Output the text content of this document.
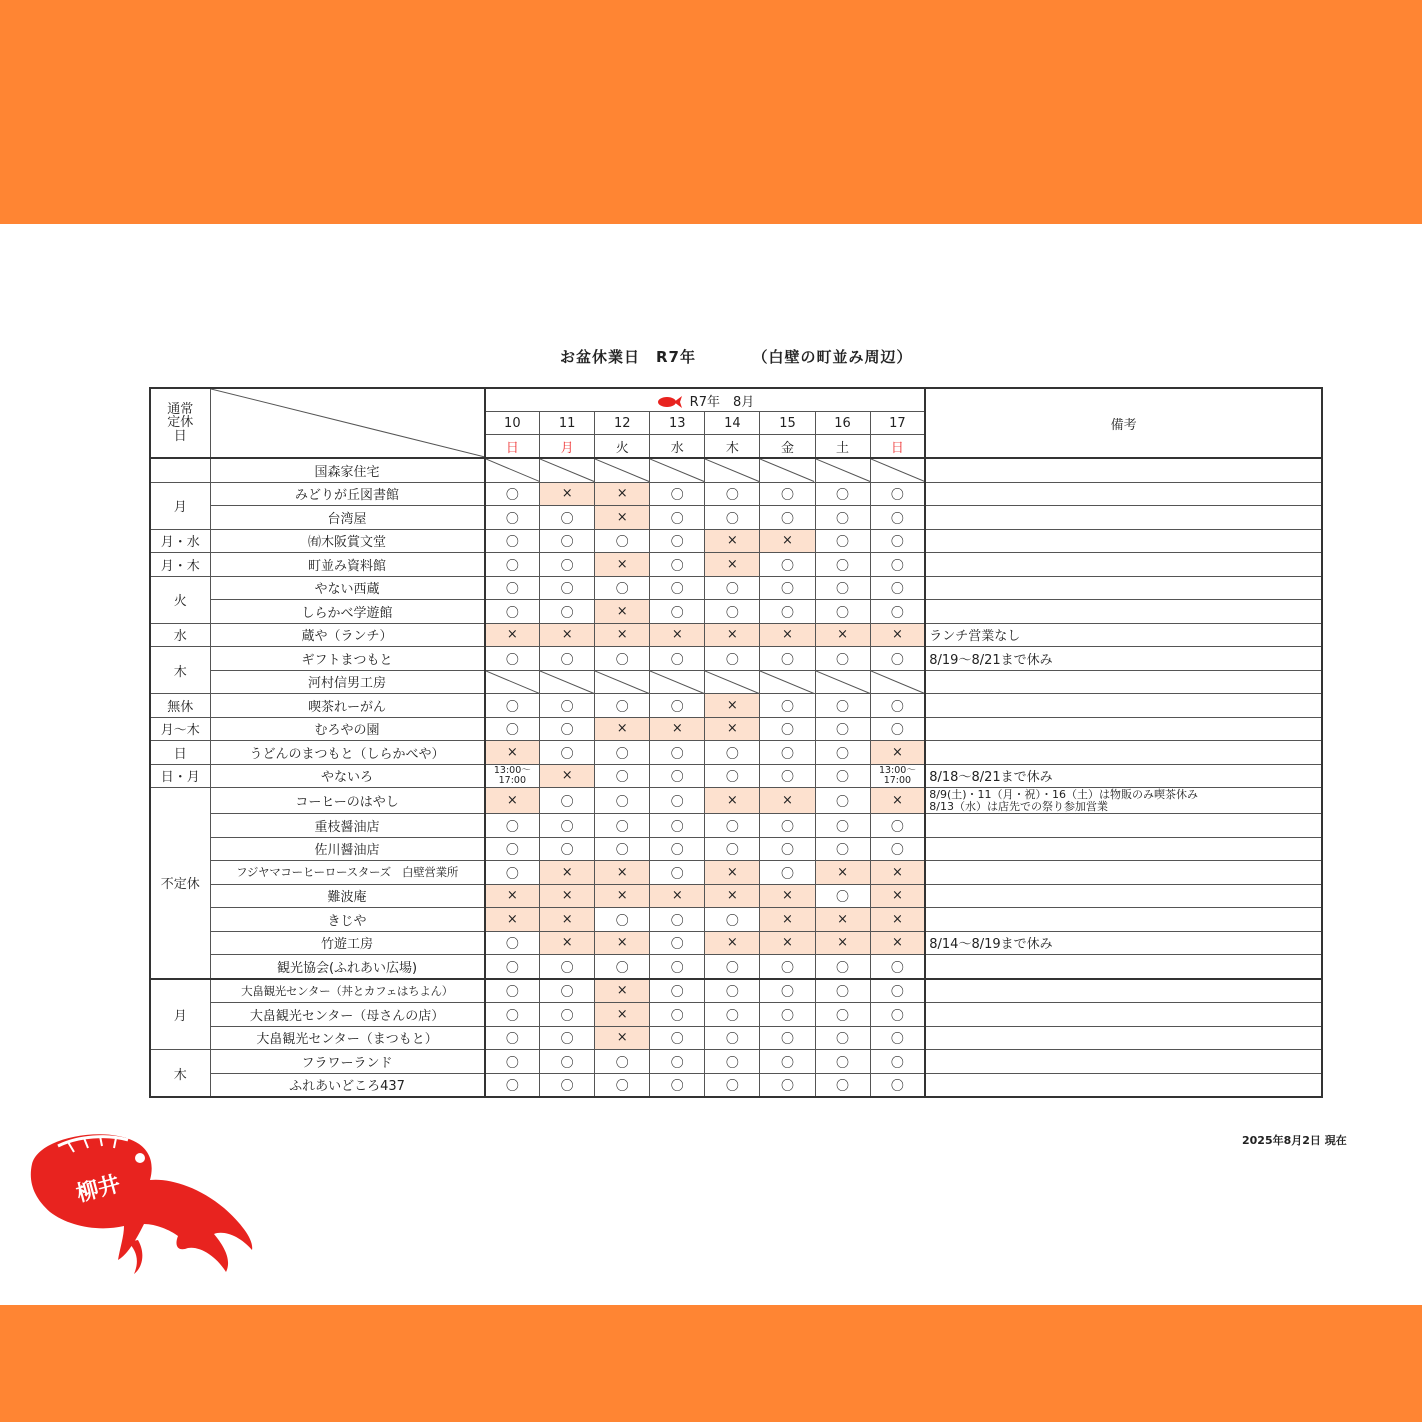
お盆休業日　R7年　　　　（白壁の町並み周辺）
通常定休日		R7年　8月								備考
		10	11	12	13	14	15	16	17	
		日	月	火	水	木	金	土	日	
	国森家住宅	

月	みどりが丘図書館	〇	×	×	〇	〇	〇	〇	〇	
	台湾屋	〇	〇	×	〇	〇	〇	〇	〇	
月・水	㈲木阪賞文堂	〇	〇	〇	〇	×	×	〇	〇	
月・木	町並み資料館	〇	〇	×	〇	×	〇	〇	〇	
火	やない西蔵	〇	〇	〇	〇	〇	〇	〇	〇	
	しらかべ学遊館	〇	〇	×	〇	〇	〇	〇	〇	
水	蔵や（ランチ）	×	×	×	×	×	×	×	×	ランチ営業なし
木	ギフトまつもと	〇	〇	〇	〇	〇	〇	〇	〇	8/19～8/21まで休み
	河村信男工房	

無休	喫茶れーがん	〇	〇	〇	〇	×	〇	〇	〇	
月～木	むろやの園	〇	〇	×	×	×	〇	〇	〇	
日	うどんのまつもと（しらかべや）	×	〇	〇	〇	〇	〇	〇	×	
日・月	やないろ	13:00～
17:00	×	〇	〇	〇	〇	〇	13:00～
17:00	8/18～8/21まで休み
不定休	コーヒーのはやし	×	〇	〇	〇	×	×	〇	×	8/9(土)・11（月・祝）・16（土）は物販のみ喫茶休み
8/13（水）は店先での祭り参加営業
	重枝醤油店	〇	〇	〇	〇	〇	〇	〇	〇	
	佐川醤油店	〇	〇	〇	〇	〇	〇	〇	〇	
	フジヤマコーヒーロースターズ　白壁営業所	〇	×	×	〇	×	〇	×	×	
	難波庵	×	×	×	×	×	×	〇	×	
	きじや	×	×	〇	〇	〇	×	×	×	
	竹遊工房	〇	×	×	〇	×	×	×	×	8/14～8/19まで休み
	観光協会(ふれあい広場)	〇	〇	〇	〇	〇	〇	〇	〇	
月	大畠観光センター（丼とカフェはちよん）	〇	〇	×	〇	〇	〇	〇	〇	
	大畠観光センター（母さんの店）	〇	〇	×	〇	〇	〇	〇	〇	
	大畠観光センター（まつもと）	〇	〇	×	〇	〇	〇	〇	〇	
木	フラワーランド	〇	〇	〇	〇	〇	〇	〇	〇	
	ふれあいどころ437	〇	〇	〇	〇	〇	〇	〇	〇	
2025年8月2日 現在
柳井
